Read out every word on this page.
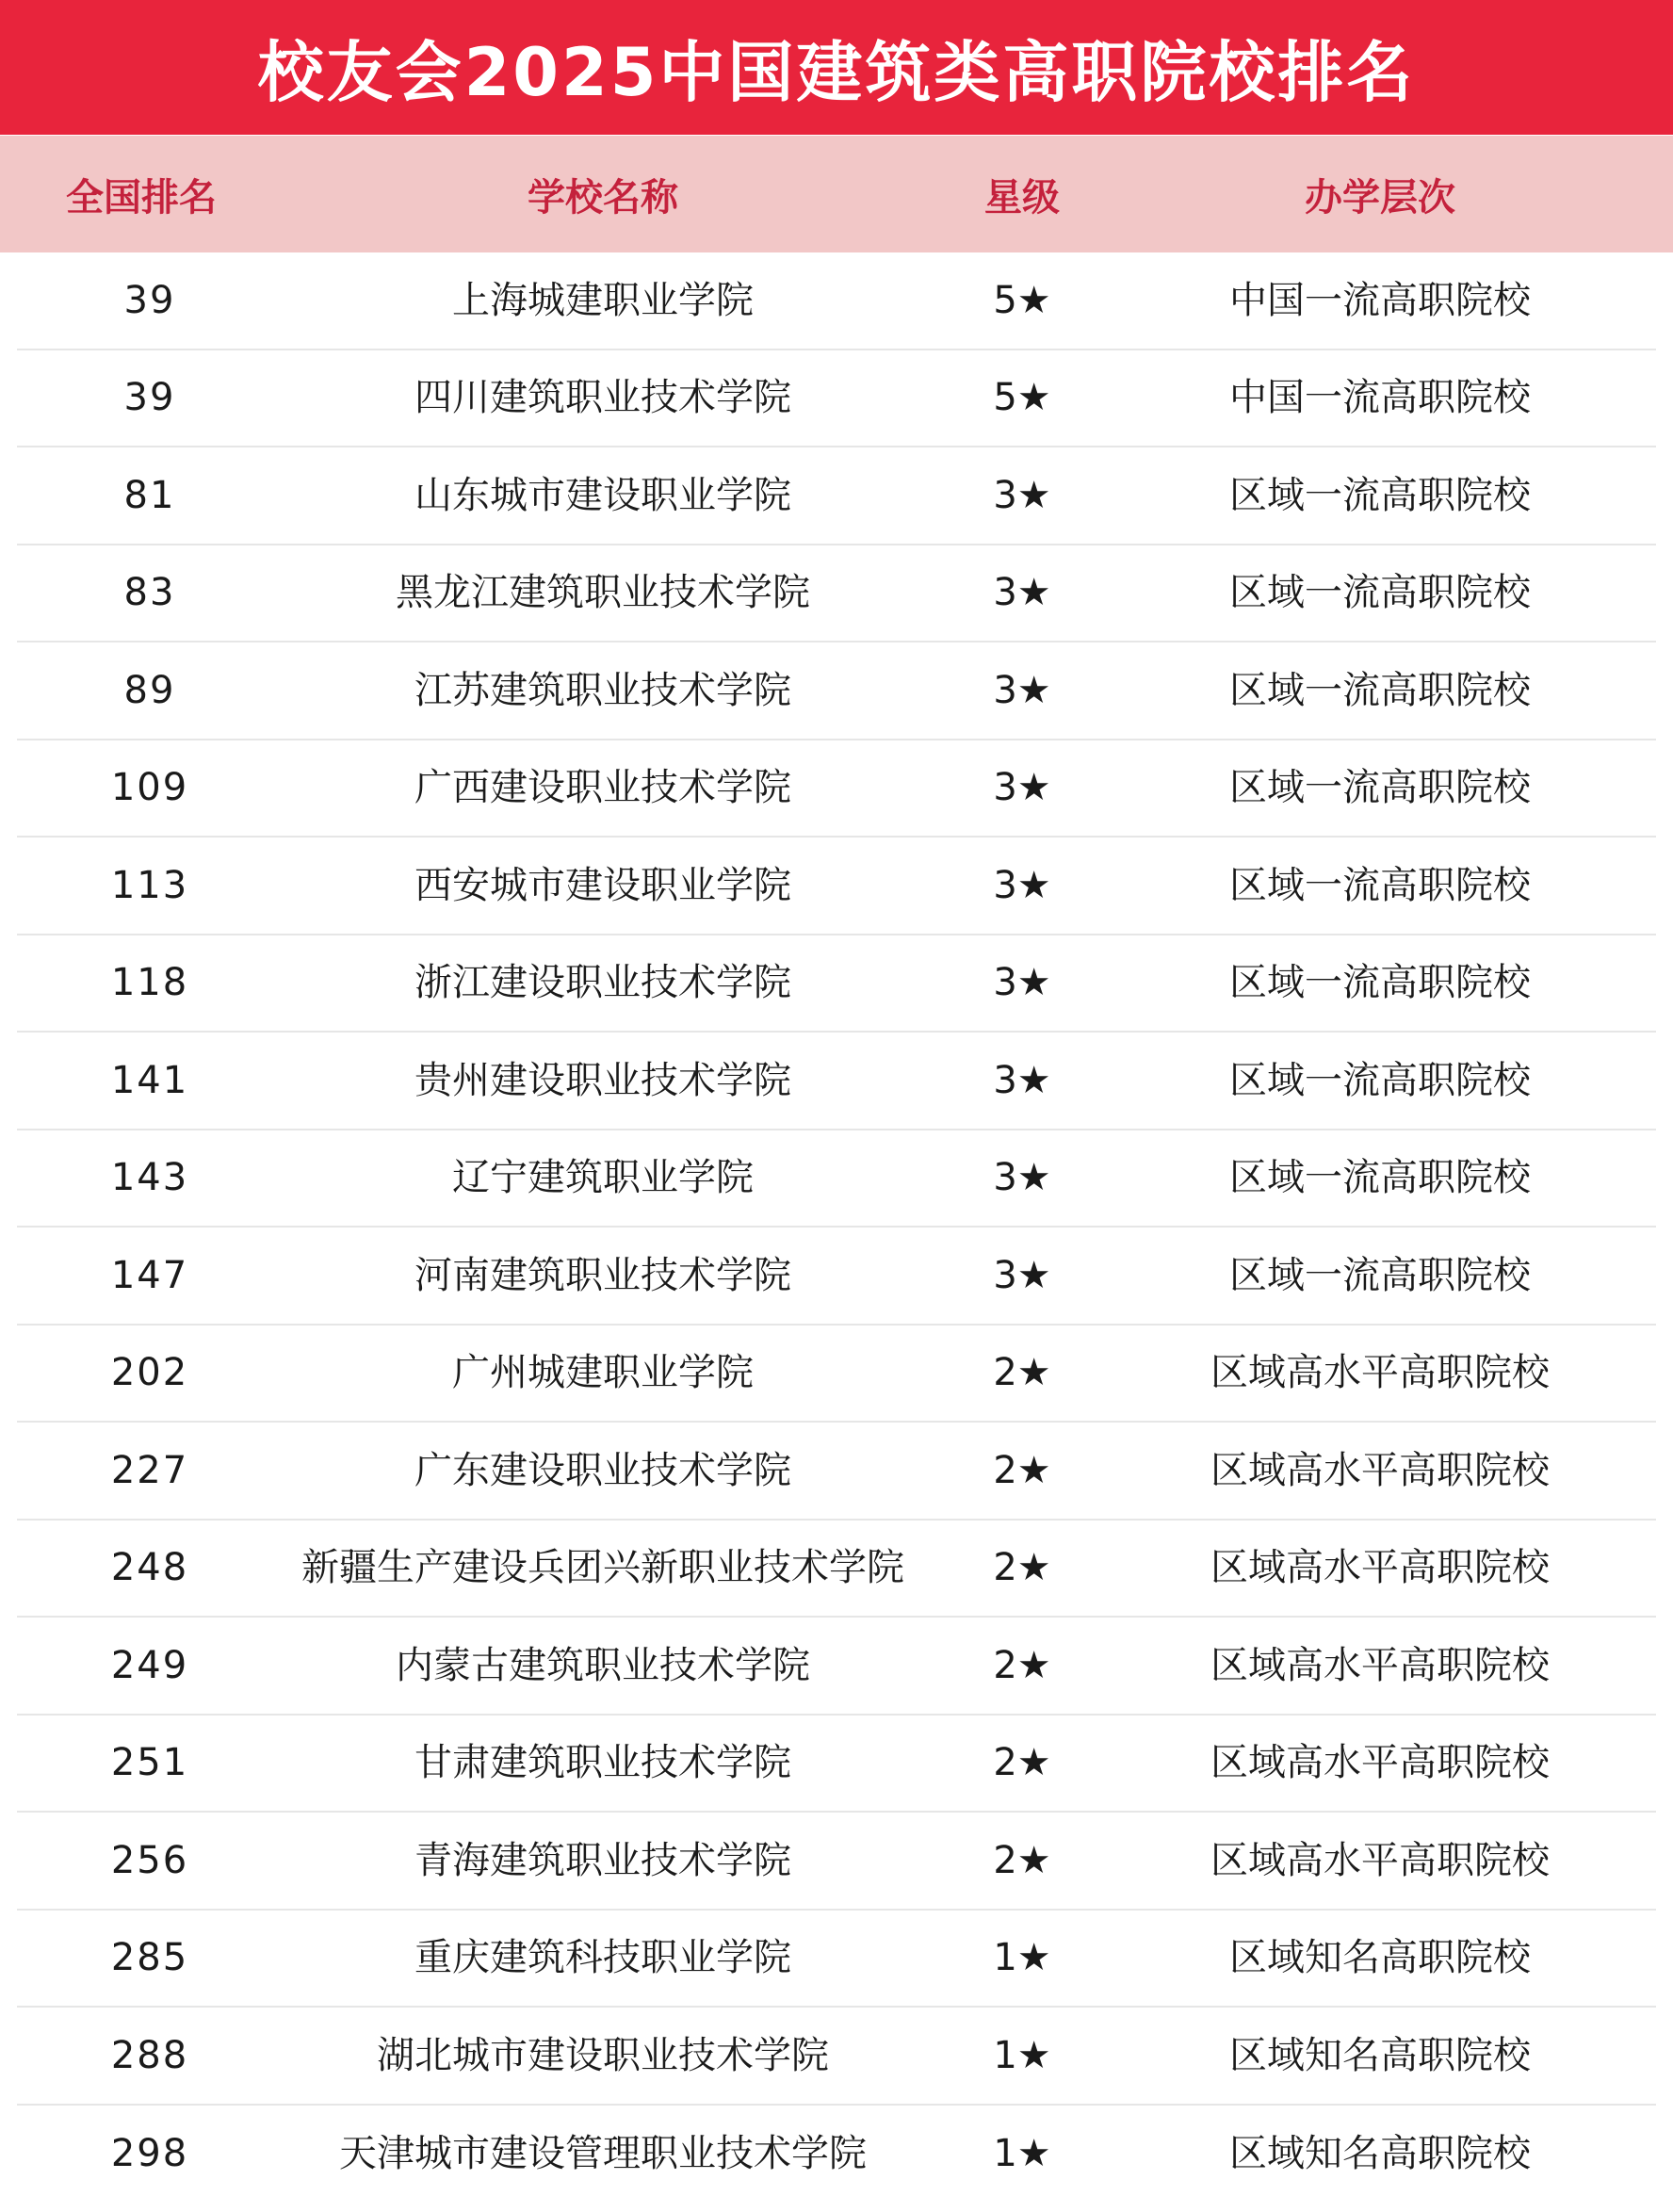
校友会2025中国建筑类高职院校排名
全国排名	学校名称	星级	办学层次
39	上海城建职业学院	5★	中国一流高职院校
39	四川建筑职业技术学院	5★	中国一流高职院校
81	山东城市建设职业学院	3★	区域一流高职院校
83	黑龙江建筑职业技术学院	3★	区域一流高职院校
89	江苏建筑职业技术学院	3★	区域一流高职院校
109	广西建设职业技术学院	3★	区域一流高职院校
113	西安城市建设职业学院	3★	区域一流高职院校
118	浙江建设职业技术学院	3★	区域一流高职院校
141	贵州建设职业技术学院	3★	区域一流高职院校
143	辽宁建筑职业学院	3★	区域一流高职院校
147	河南建筑职业技术学院	3★	区域一流高职院校
202	广州城建职业学院	2★	区域高水平高职院校
227	广东建设职业技术学院	2★	区域高水平高职院校
248	新疆生产建设兵团兴新职业技术学院	2★	区域高水平高职院校
249	内蒙古建筑职业技术学院	2★	区域高水平高职院校
251	甘肃建筑职业技术学院	2★	区域高水平高职院校
256	青海建筑职业技术学院	2★	区域高水平高职院校
285	重庆建筑科技职业学院	1★	区域知名高职院校
288	湖北城市建设职业技术学院	1★	区域知名高职院校
298	天津城市建设管理职业技术学院	1★	区域知名高职院校
